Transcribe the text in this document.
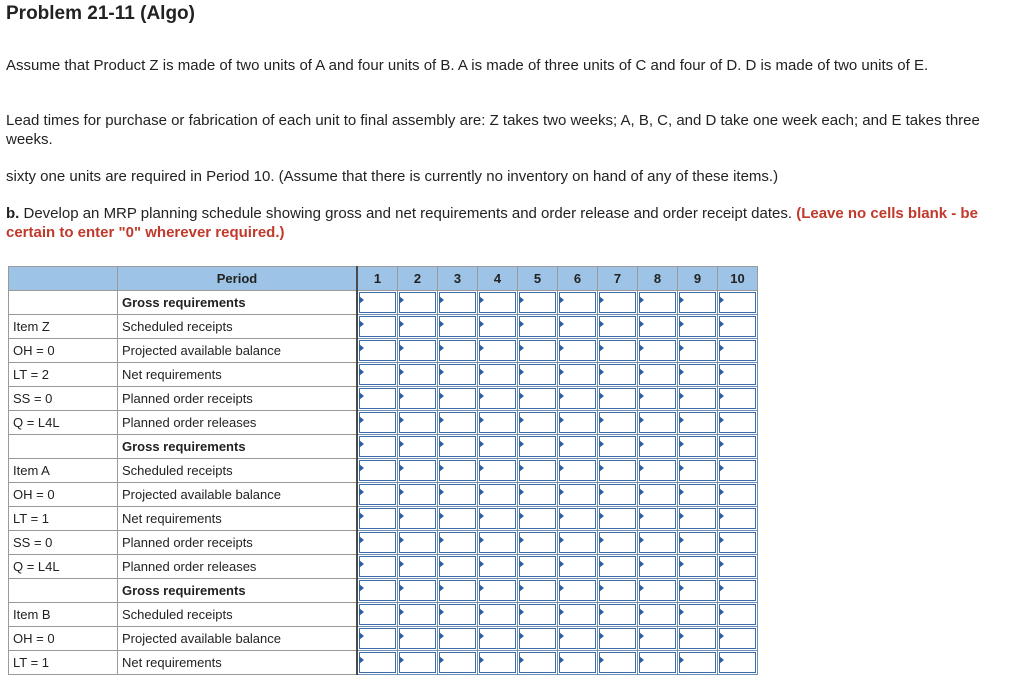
Problem 21-11 (Algo)
Assume that Product Z is made of two units of A and four units of B. A is made of three units of C and four of D. D is made of two units of E.
Lead times for purchase or fabrication of each unit to final assembly are: Z takes two weeks; A, B, C, and D take one week each; and E takes three weeks.
sixty one units are required in Period 10. (Assume that there is currently no inventory on hand of any of these items.)
b. Develop an MRP planning schedule showing gross and net requirements and order release and order receipt dates. (Leave no cells blank - be certain to enter "0" wherever required.)
	Period	1	2	3	4	5	6	7	8	9	10
	Gross requirements	

Item Z	Scheduled receipts	

OH = 0	Projected available balance	

LT = 2	Net requirements	

SS = 0	Planned order receipts	

Q = L4L	Planned order releases	

	Gross requirements	

Item A	Scheduled receipts	

OH = 0	Projected available balance	

LT = 1	Net requirements	

SS = 0	Planned order receipts	

Q = L4L	Planned order releases	

	Gross requirements	

Item B	Scheduled receipts	

OH = 0	Projected available balance	

LT = 1	Net requirements	
